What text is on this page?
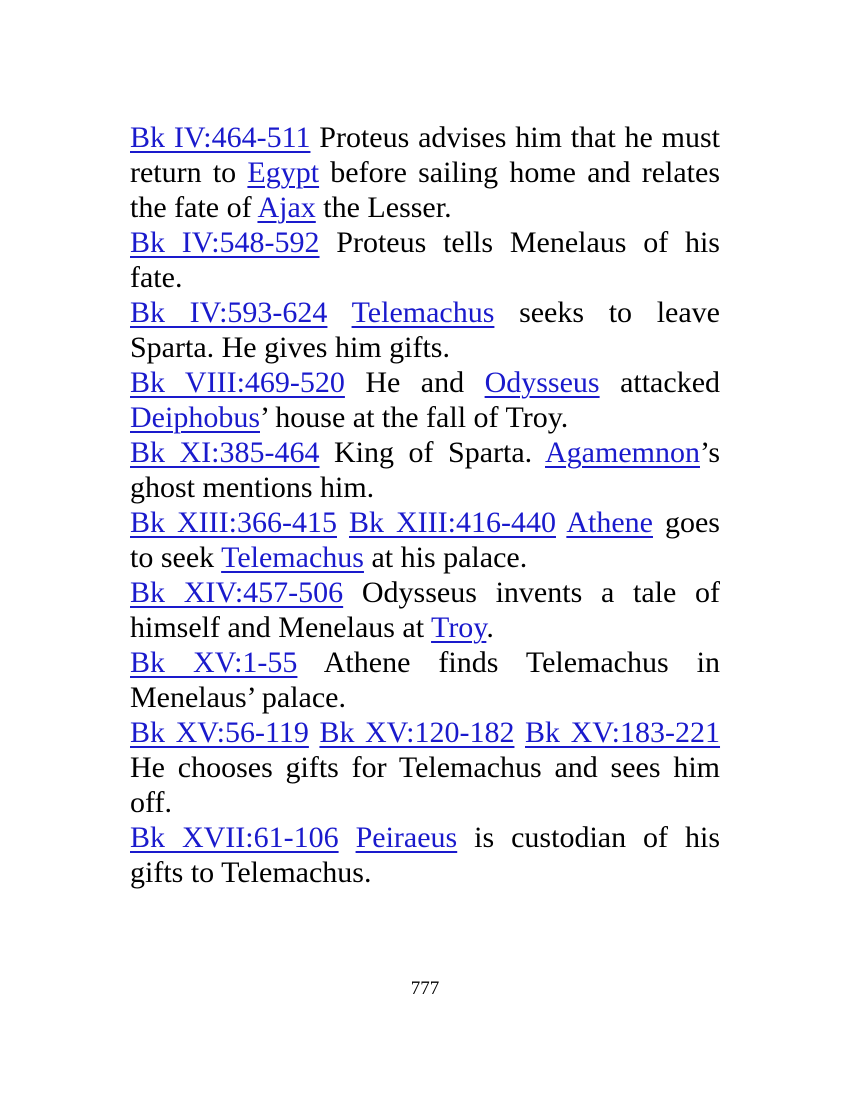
Bk IV:464-511 Proteus advises him that he must return to Egypt before sailing home and relates the fate of Ajax the Lesser.

Bk IV:548-592 Proteus tells Menelaus of his fate.

Bk IV:593-624 Telemachus seeks to leave Sparta. He gives him gifts.

Bk VIII:469-520 He and Odysseus attacked Deiphobus’ house at the fall of Troy.

Bk XI:385-464 King of Sparta. Agamemnon’s ghost mentions him.

Bk XIII:366-415 Bk XIII:416-440 Athene goes to seek Telemachus at his palace.

Bk XIV:457-506 Odysseus invents a tale of himself and Menelaus at Troy.

Bk XV:1-55 Athene finds Telemachus in Menelaus’ palace.

Bk XV:56-119 Bk XV:120-182 Bk XV:183-221 He chooses gifts for Telemachus and sees him off.

Bk XVII:61-106 Peiraeus is custodian of his gifts to Telemachus.

777
